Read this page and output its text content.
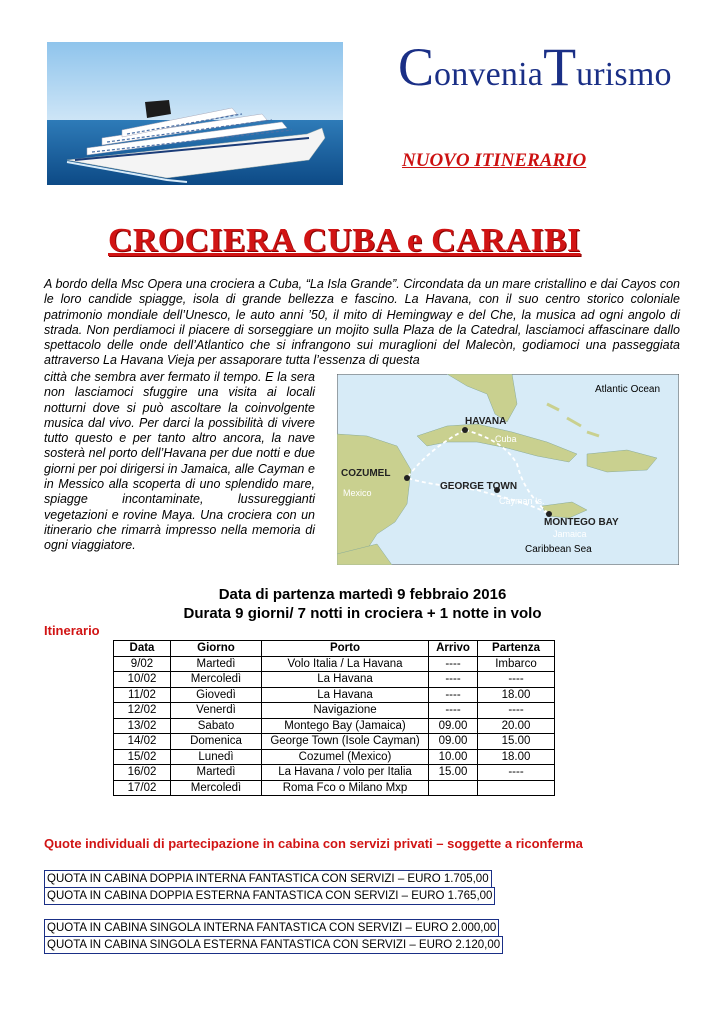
ConveniaTurismo
NUOVO ITINERARIO
CROCIERA CUBA e CARAIBI
A bordo della Msc Opera una crociera a Cuba, “La Isla Grande”. Circondata da un mare cristallino e dai Cayos con le loro candide spiagge, isola di grande bellezza e fascino. La Havana, con il suo centro storico coloniale patrimonio mondiale dell’Unesco, le auto anni ’50, il mito di Hemingway e del Che, la musica ad ogni angolo di strada. Non perdiamoci il piacere di sorseggiare un mojito sulla Plaza de la Catedral, lasciamoci affascinare dallo spettacolo delle onde dell’Atlantico che si infrangono sui muraglioni del Malecòn, godiamoci una passeggiata attraverso La Havana Vieja per assaporare tutta l’essenza di questa
città che sembra aver fermato il tempo. E la sera non lasciamoci sfuggire una visita ai locali notturni dove si può ascoltare la coinvolgente musica dal vivo. Per darci la possibilità di vivere tutto questo e per tanto altro ancora, la nave sosterà nel porto dell’Havana per due notti e due giorni per poi dirigersi in Jamaica, alle Cayman e in Messico alla scoperta di uno splendido mare, spiagge incontaminate, lussureggianti vegetazioni e rovine Maya. Una crociera con un itinerario che rimarrà impresso nella memoria di ogni viaggiatore.
Atlantic Ocean
Caribbean Sea
HAVANA
COZUMEL
GEORGE TOWN
MONTEGO BAY
Cuba
Mexico
Cayman Is.
Jamaica
Data di partenza martedì 9 febbraio 2016
Durata 9 giorni/ 7 notti in crociera + 1 notte in volo
Itinerario
Data	Giorno	Porto	Arrivo	Partenza
9/02	Martedì	Volo Italia / La Havana	----	Imbarco
10/02	Mercoledì	La Havana	----	----
11/02	Giovedì	La Havana	----	18.00
12/02	Venerdì	Navigazione	----	----
13/02	Sabato	Montego Bay (Jamaica)	09.00	20.00
14/02	Domenica	George Town (Isole Cayman)	09.00	15.00
15/02	Lunedì	Cozumel (Mexico)	10.00	18.00
16/02	Martedì	La Havana / volo per Italia	15.00	----
17/02	Mercoledì	Roma Fco o Milano Mxp		
Quote individuali di partecipazione in cabina con servizi privati – soggette a riconferma
QUOTA IN CABINA DOPPIA INTERNA FANTASTICA CON SERVIZI – EURO 1.705,00
QUOTA IN CABINA DOPPIA ESTERNA FANTASTICA CON SERVIZI – EURO 1.765,00
QUOTA IN CABINA SINGOLA INTERNA FANTASTICA CON SERVIZI – EURO 2.000,00
QUOTA IN CABINA SINGOLA ESTERNA FANTASTICA CON SERVIZI – EURO 2.120,00
